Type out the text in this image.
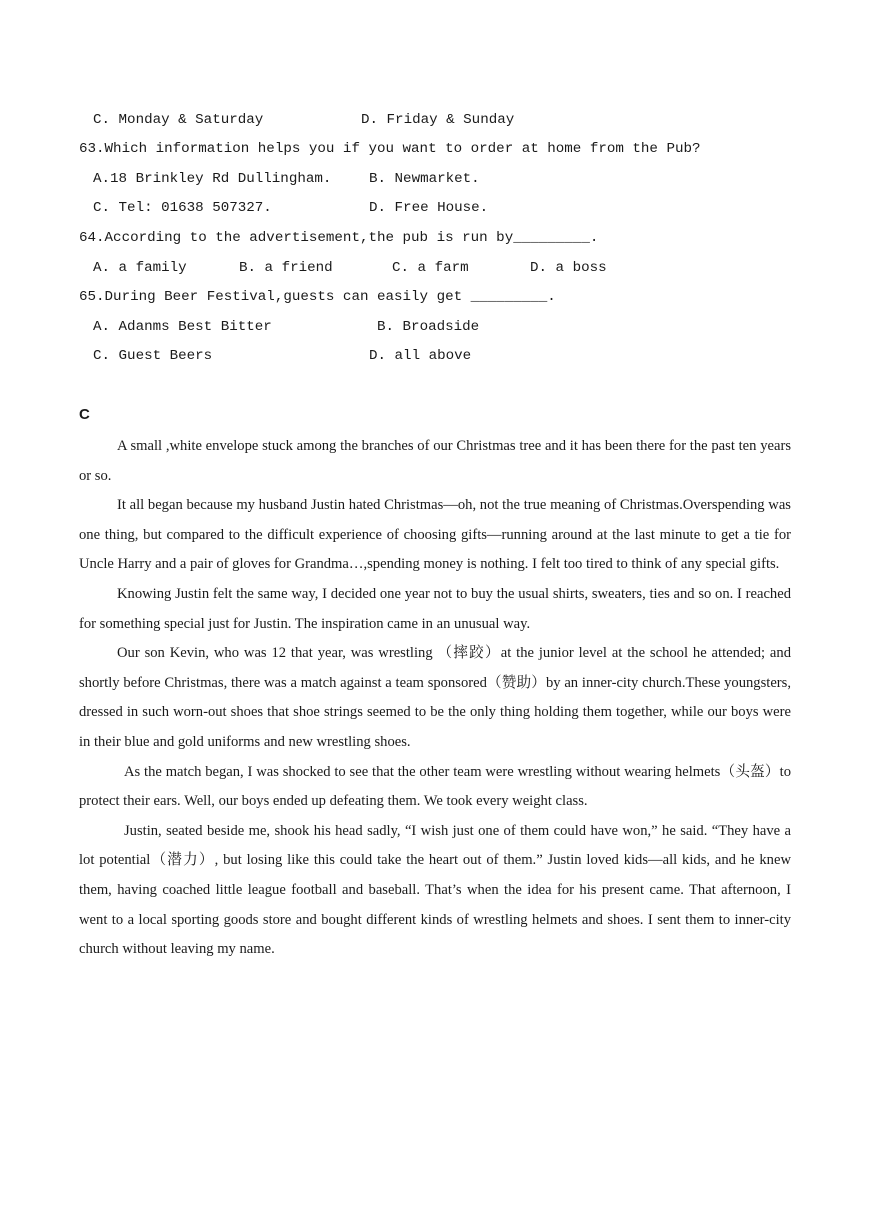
C. Monday & Saturday	D. Friday & Sunday
63.Which information helps you if you want to order at home from the Pub?
A.18 Brinkley Rd Dullingham.	B. Newmarket.
C. Tel: 01638 507327.	D. Free House.
64.According to the advertisement,the pub is run by_________.
A. a family	B. a friend	C. a farm	D. a boss
65.During Beer Festival,guests can easily get _________.
A. Adanms Best Bitter	B. Broadside
C. Guest Beers	D. all above
C

A small ,white envelope stuck among the branches of our Christmas tree and it has been there for the past ten years or so.

It all began because my husband Justin hated Christmas—oh, not the true meaning of Christmas.Overspending was one thing, but compared to the difficult experience of choosing gifts—running around at the last minute to get a tie for Uncle Harry and a pair of gloves for Grandma…,spending money is nothing. I felt too tired to think of any special gifts.

Knowing Justin felt the same way, I decided one year not to buy the usual shirts, sweaters, ties and so on. I reached for something special just for Justin. The inspiration came in an unusual way.

Our son Kevin, who was 12 that year, was wrestling （摔跤）at the junior level at the school he attended; and shortly before Christmas, there was a match against a team sponsored（赞助）by an inner-city church.These youngsters, dressed in such worn-out shoes that shoe strings seemed to be the only thing holding them together, while our boys were in their blue and gold uniforms and new wrestling shoes.

As the match began, I was shocked to see that the other team were wrestling without wearing helmets（头盔）to protect their ears. Well, our boys ended up defeating them. We took every weight class.

Justin, seated beside me, shook his head sadly, “I wish just one of them could have won,” he said. “They have a lot potential（潜力）, but losing like this could take the heart out of them.” Justin loved kids—all kids, and he knew them, having coached little league football and baseball. That’s when the idea for his present came. That afternoon, I went to a local sporting goods store and bought different kinds of wrestling helmets and shoes. I sent them to inner-city church without leaving my name.
